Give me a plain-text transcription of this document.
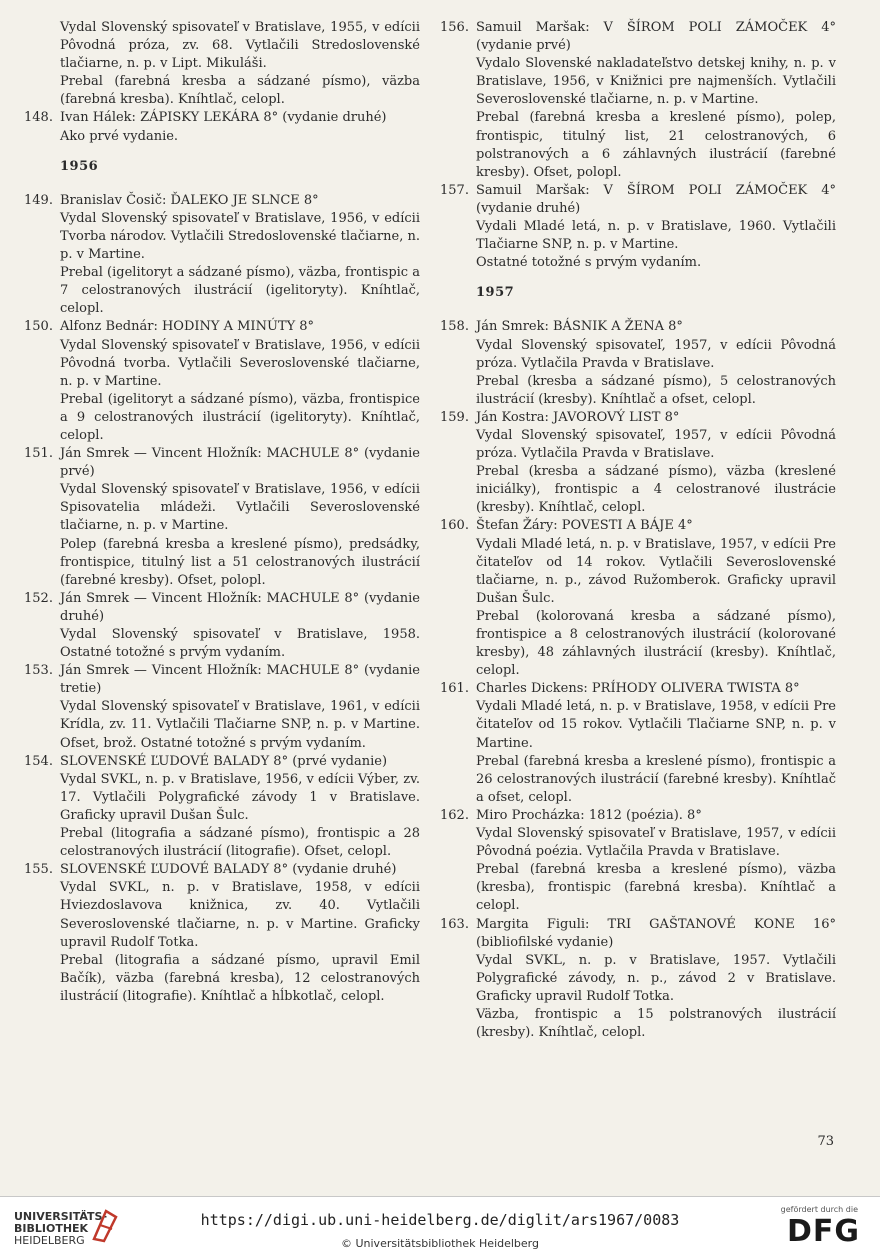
Vydal Slovenský spisovateľ v Bratislave, 1955, v edícii Pôvodná próza, zv. 68. Vytlačili Stredoslovenské tlačiarne, n. p. v Lipt. Mikuláši.

Prebal (farebná kresba a sádzané písmo), väzba (farebná kresba). Kníhtlač, celopl.

148. Ivan Hálek: ZÁPISKY LEKÁRA 8° (vydanie druhé)

Ako prvé vydanie.

1956
149. Branislav Čosič: ĎALEKO JE SLNCE 8°

Vydal Slovenský spisovateľ v Bratislave, 1956, v edícii Tvorba národov. Vytlačili Stredoslovenské tlačiarne, n. p. v Martine.

Prebal (igelitoryt a sádzané písmo), väzba, frontispic a 7 celostranových ilustrácií (igelitoryty). Kníhtlač, celopl.

150. Alfonz Bednár: HODINY A MINÚTY 8°

Vydal Slovenský spisovateľ v Bratislave, 1956, v edícii Pôvodná tvorba. Vytlačili Severoslovenské tlačiarne, n. p. v Martine.

Prebal (igelitoryt a sádzané písmo), väzba, frontispice a 9 celostranových ilustrácií (igelitoryty). Kníhtlač, celopl.

151. Ján Smrek — Vincent Hložník: MACHULE 8° (vydanie prvé)

Vydal Slovenský spisovateľ v Bratislave, 1956, v edícii Spisovatelia mládeži. Vytlačili Severoslovenské tlačiarne, n. p. v Martine.

Polep (farebná kresba a kreslené písmo), predsádky, frontispice, titulný list a 51 celostranových ilustrácií (farebné kresby). Ofset, polopl.

152. Ján Smrek — Vincent Hložník: MACHULE 8° (vydanie druhé)

Vydal Slovenský spisovateľ v Bratislave, 1958. Ostatné totožné s prvým vydaním.

153. Ján Smrek — Vincent Hložník: MACHULE 8° (vydanie tretie)

Vydal Slovenský spisovateľ v Bratislave, 1961, v edícii Krídla, zv. 11. Vytlačili Tlačiarne SNP, n. p. v Martine. Ofset, brož. Ostatné totožné s prvým vydaním.

154. SLOVENSKÉ ĽUDOVÉ BALADY 8° (prvé vydanie)

Vydal SVKL, n. p. v Bratislave, 1956, v edícii Výber, zv. 17. Vytlačili Polygrafické závody 1 v Bratislave. Graficky upravil Dušan Šulc.

Prebal (litografia a sádzané písmo), frontispic a 28 celostranových ilustrácií (litografie). Ofset, celopl.

155. SLOVENSKÉ ĽUDOVÉ BALADY 8° (vydanie druhé)

Vydal SVKL, n. p. v Bratislave, 1958, v edícii Hviezdoslavova knižnica, zv. 40. Vytlačili Severoslovenské tlačiarne, n. p. v Martine. Graficky upravil Rudolf Totka.

Prebal (litografia a sádzané písmo, upravil Emil Bačík), väzba (farebná kresba), 12 celostranových ilustrácií (litografie). Kníhtlač a hĺbkotlač, celopl.

156. Samuil Maršak: V ŠÍROM POLI ZÁMOČEK 4° (vydanie prvé)

Vydalo Slovenské nakladateľstvo detskej knihy, n. p. v Bratislave, 1956, v Knižnici pre najmenších. Vytlačili Severoslovenské tlačiarne, n. p. v Martine.

Prebal (farebná kresba a kreslené písmo), polep, frontispic, titulný list, 21 celostranových, 6 polstranových a 6 záhlavných ilustrácií (farebné kresby). Ofset, polopl.

157. Samuil Maršak: V ŠÍROM POLI ZÁMOČEK 4° (vydanie druhé)

Vydali Mladé letá, n. p. v Bratislave, 1960. Vytlačili Tlačiarne SNP, n. p. v Martine.

Ostatné totožné s prvým vydaním.

1957
158. Ján Smrek: BÁSNIK A ŽENA 8°

Vydal Slovenský spisovateľ, 1957, v edícii Pôvodná próza. Vytlačila Pravda v Bratislave.

Prebal (kresba a sádzané písmo), 5 celostranových ilustrácií (kresby). Kníhtlač a ofset, celopl.

159. Ján Kostra: JAVOROVÝ LIST 8°

Vydal Slovenský spisovateľ, 1957, v edícii Pôvodná próza. Vytlačila Pravda v Bratislave.

Prebal (kresba a sádzané písmo), väzba (kreslené iniciálky), frontispic a 4 celostranové ilustrácie (kresby). Kníhtlač, celopl.

160. Štefan Žáry: POVESTI A BÁJE 4°

Vydali Mladé letá, n. p. v Bratislave, 1957, v edícii Pre čitateľov od 14 rokov. Vytlačili Severoslovenské tlačiarne, n. p., závod Ružomberok. Graficky upravil Dušan Šulc.

Prebal (kolorovaná kresba a sádzané písmo), frontispice a 8 celostranových ilustrácií (kolorované kresby), 48 záhlavných ilustrácií (kresby). Kníhtlač, celopl.

161. Charles Dickens: PRÍHODY OLIVERA TWISTA 8°

Vydali Mladé letá, n. p. v Bratislave, 1958, v edícii Pre čitateľov od 15 rokov. Vytlačili Tlačiarne SNP, n. p. v Martine.

Prebal (farebná kresba a kreslené písmo), frontispic a 26 celostranových ilustrácií (farebné kresby). Kníhtlač a ofset, celopl.

162. Miro Procházka: 1812 (poézia). 8°

Vydal Slovenský spisovateľ v Bratislave, 1957, v edícii Pôvodná poézia. Vytlačila Pravda v Bratislave.

Prebal (farebná kresba a kreslené písmo), väzba (kresba), frontispic (farebná kresba). Kníhtlač a celopl.

163. Margita Figuli: TRI GAŠTANOVÉ KONE 16° (bibliofilské vydanie)

Vydal SVKL, n. p. v Bratislave, 1957. Vytlačili Polygrafické závody, n. p., závod 2 v Bratislave. Graficky upravil Rudolf Totka.

Väzba, frontispic a 15 polstranových ilustrácií (kresby). Kníhtlač, celopl.

73
UNIVERSITÄTS-
BIBLIOTHEK
HEIDELBERG
https://digi.ub.uni-heidelberg.de/diglit/ars1967/0083
© Universitätsbibliothek Heidelberg
gefördert durch die
DFG
